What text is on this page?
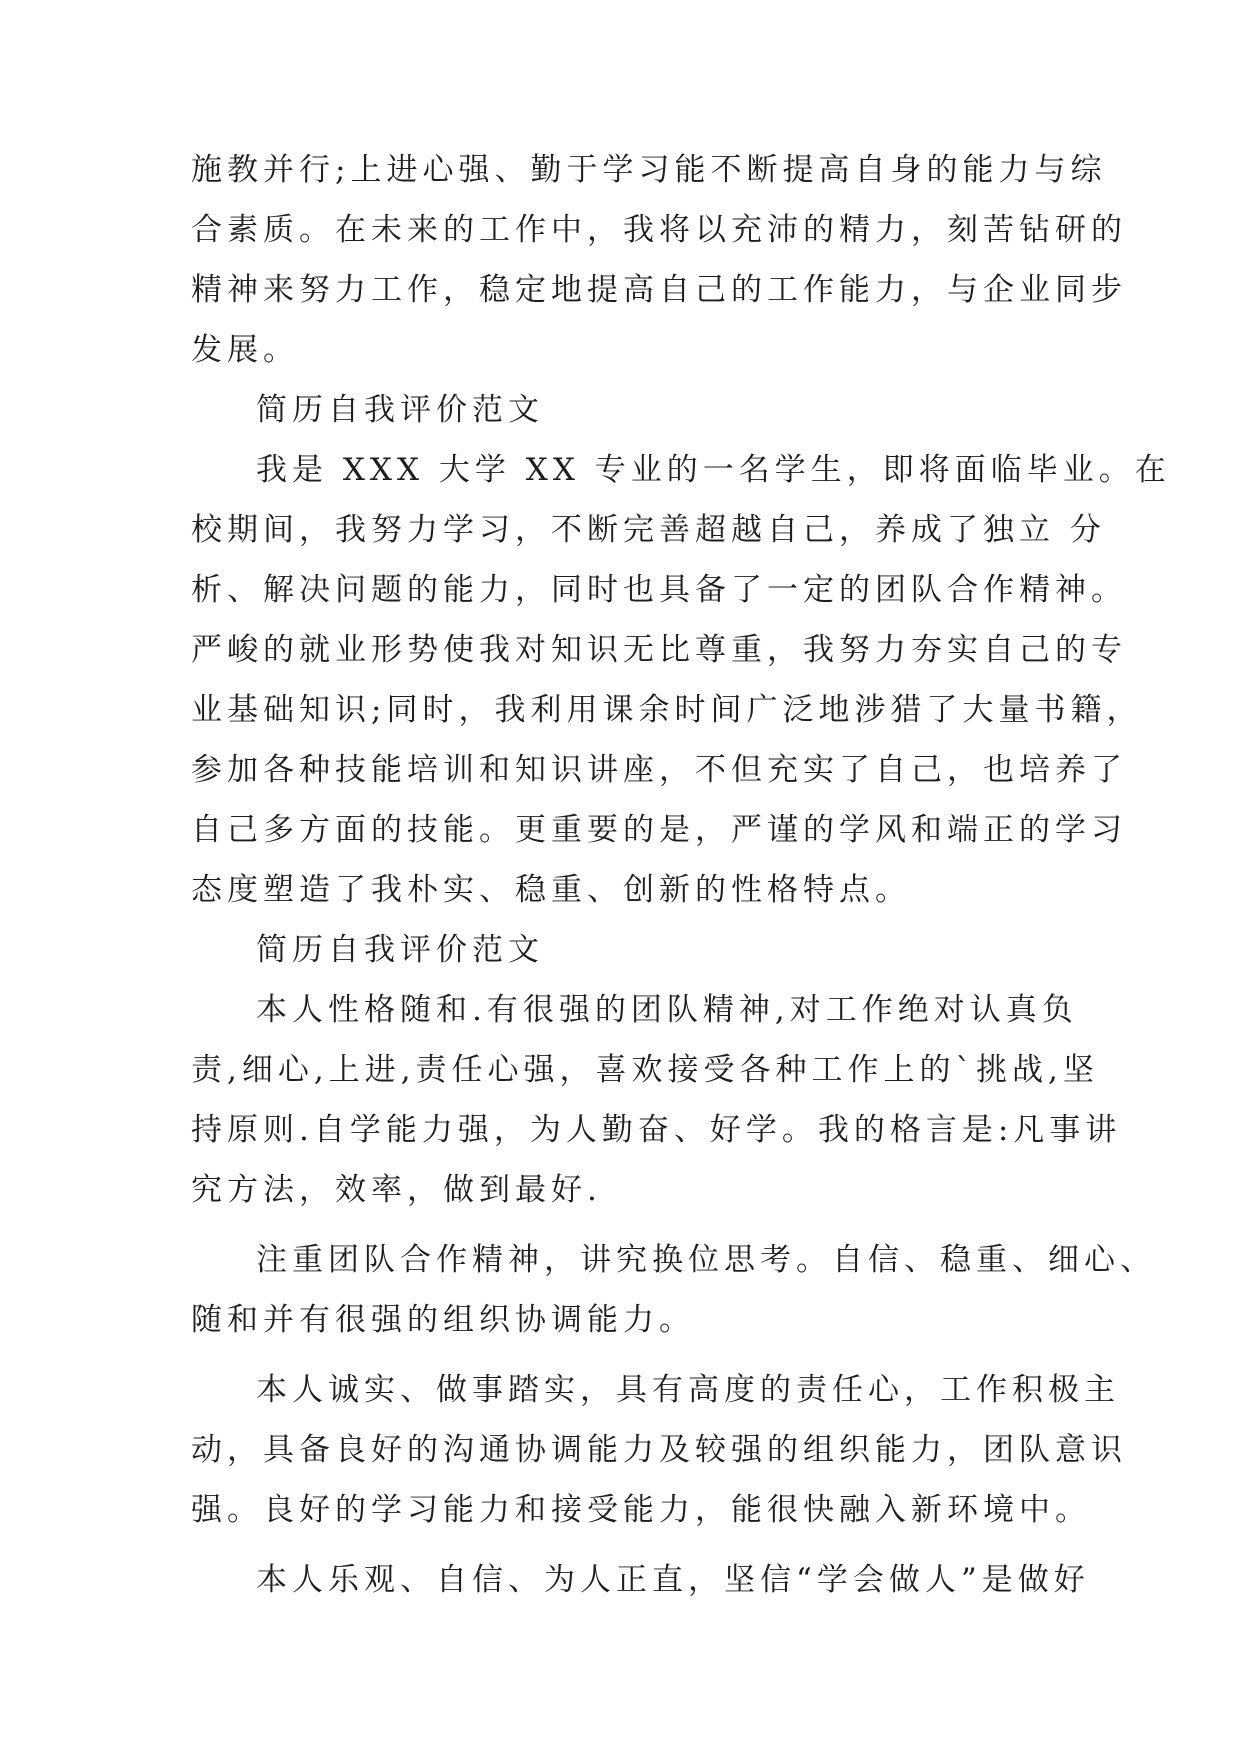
施教并行;上进心强、勤于学习能不断提高自身的能力与综
合素质。在未来的工作中，我将以充沛的精力，刻苦钻研的
精神来努力工作，稳定地提高自己的工作能力，与企业同步
发展。
简历自我评价范文
我是 XXX 大学 XX 专业的一名学生，即将面临毕业。在
校期间，我努力学习，不断完善超越自己，养成了独立 分
析、解决问题的能力，同时也具备了一定的团队合作精神。
严峻的就业形势使我对知识无比尊重，我努力夯实自己的专
业基础知识;同时，我利用课余时间广泛地涉猎了大量书籍，
参加各种技能培训和知识讲座，不但充实了自己，也培养了
自己多方面的技能。更重要的是，严谨的学风和端正的学习
态度塑造了我朴实、稳重、创新的性格特点。
简历自我评价范文
本人性格随和.有很强的团队精神,对工作绝对认真负
责,细心,上进,责任心强，喜欢接受各种工作上的`挑战,坚
持原则.自学能力强，为人勤奋、好学。我的格言是:凡事讲
究方法，效率，做到最好.
注重团队合作精神，讲究换位思考。自信、稳重、细心、
随和并有很强的组织协调能力。
本人诚实、做事踏实，具有高度的责任心，工作积极主
动，具备良好的沟通协调能力及较强的组织能力，团队意识
强。良好的学习能力和接受能力，能很快融入新环境中。
本人乐观、自信、为人正直，坚信“学会做人”是做好
